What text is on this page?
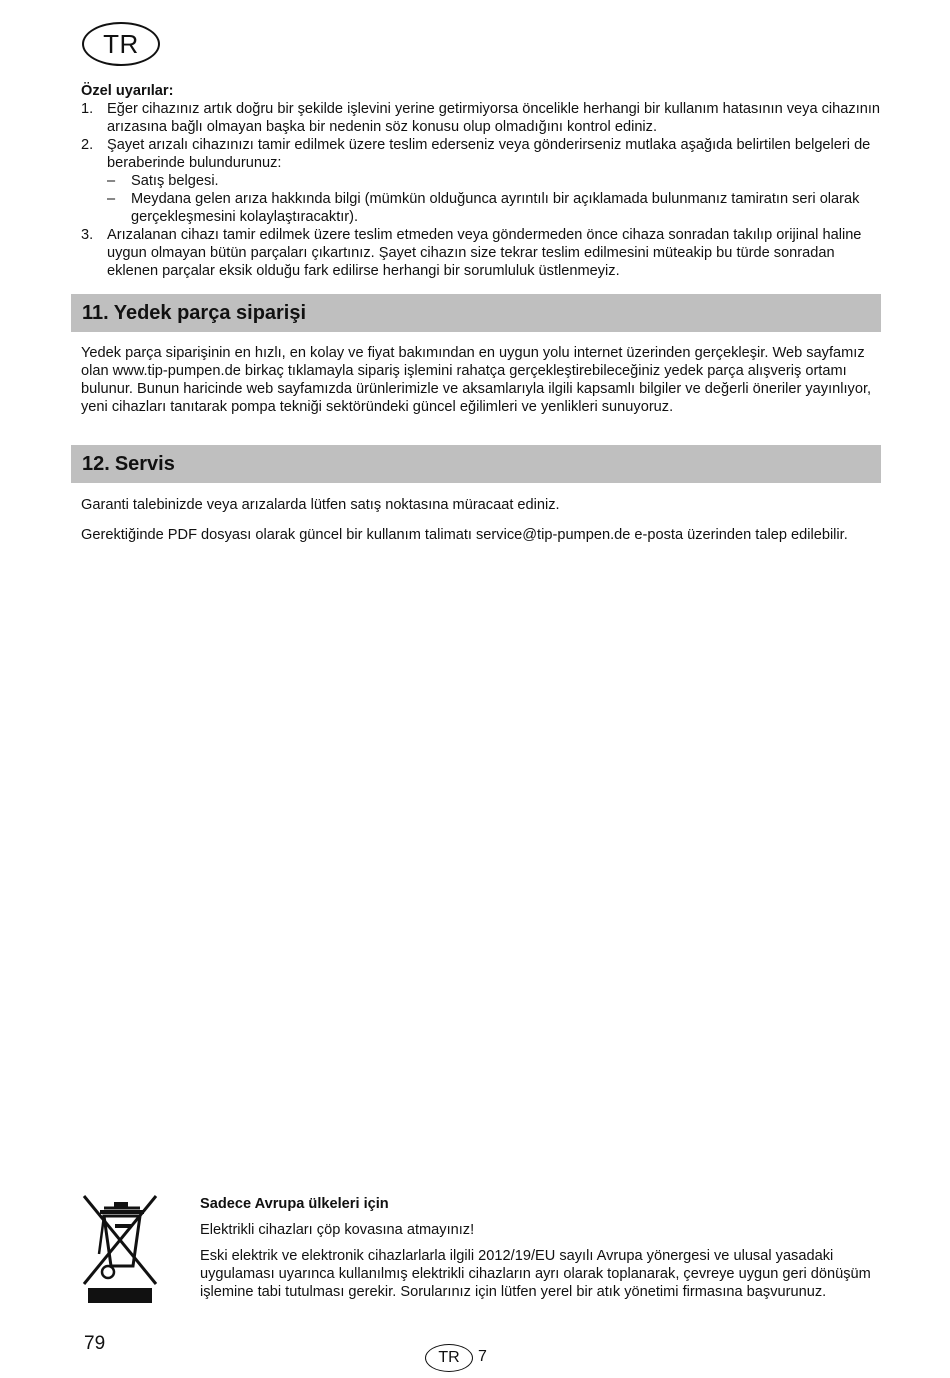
TR
Özel uyarılar:
1. Eğer cihazınız artık doğru bir şekilde işlevini yerine getirmiyorsa öncelikle herhangi bir kullanım hatasının veya cihazının arızasına bağlı olmayan başka bir nedenin söz konusu olup olmadığını kontrol ediniz.
2. Şayet arızalı cihazınızı tamir edilmek üzere teslim ederseniz veya gönderirseniz mutlaka aşağıda belirtilen belgeleri de beraberinde bulundurunuz:
– Satış belgesi.
– Meydana gelen arıza hakkında bilgi (mümkün olduğunca ayrıntılı bir açıklamada bulunmanız tamiratın seri olarak gerçekleşmesini kolaylaştıracaktır).
3. Arızalanan cihazı tamir edilmek üzere teslim etmeden veya göndermeden önce cihaza sonradan takılıp orijinal haline uygun olmayan bütün parçaları çıkartınız. Şayet cihazın size tekrar teslim edilmesini müteakip bu türde sonradan eklenen parçalar eksik olduğu fark edilirse herhangi bir sorumluluk üstlenmeyiz.
11. Yedek parça siparişi
Yedek parça siparişinin en hızlı, en kolay ve fiyat bakımından en uygun yolu internet üzerinden gerçekleşir. Web sayfamız olan www.tip-pumpen.de birkaç tıklamayla sipariş işlemini rahatça gerçekleştirebileceğiniz yedek parça alışveriş ortamı bulunur. Bunun haricinde web sayfamızda ürünlerimizle ve aksamlarıyla ilgili kapsamlı bilgiler ve değerli öneriler yayınlıyor, yeni cihazları tanıtarak pompa tekniği sektöründeki güncel eğilimleri ve yenlikleri sunuyoruz.
12. Servis
Garanti talebinizde veya arızalarda lütfen satış noktasına müracaat ediniz.
Gerektiğinde PDF dosyası olarak güncel bir kullanım talimatı service@tip-pumpen.de e-posta üzerinden talep edilebilir.
Sadece Avrupa ülkeleri için
Elektrikli cihazları çöp kovasına atmayınız!
Eski elektrik ve elektronik cihazlarlarla ilgili 2012/19/EU sayılı Avrupa yönergesi ve ulusal yasadaki uygulaması uyarınca kullanılmış elektrikli cihazların ayrı olarak toplanarak, çevreye uygun geri dönüşüm işlemine tabi tutulması gerekir. Sorularınız için lütfen yerel bir atık yönetimi firmasına başvurunuz.
79
TR	7
